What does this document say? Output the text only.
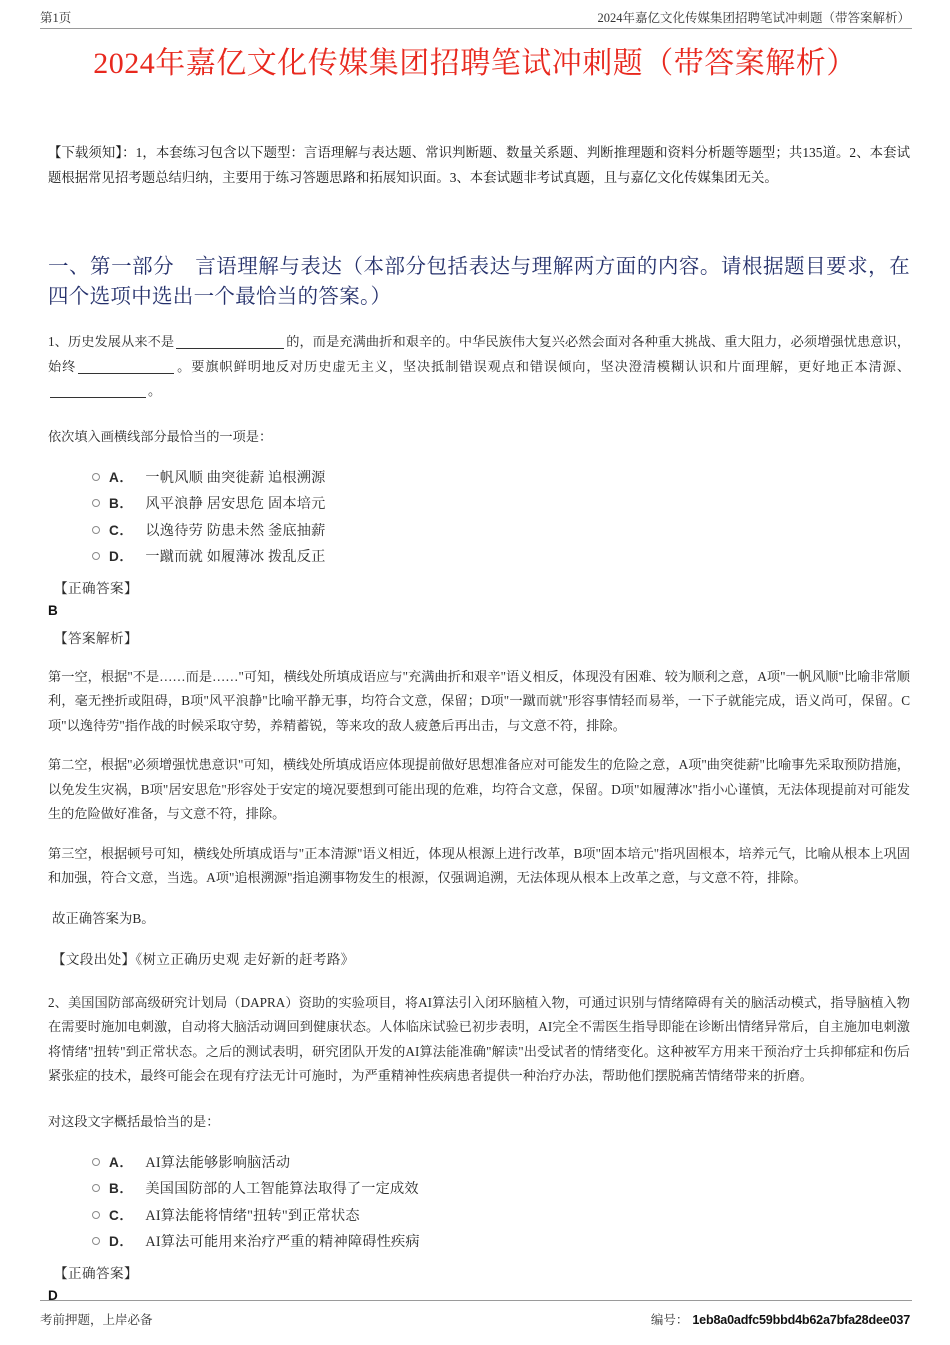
第1页	2024年嘉亿文化传媒集团招聘笔试冲刺题（带答案解析）
2024年嘉亿文化传媒集团招聘笔试冲刺题（带答案解析）

【下载须知】：1，本套练习包含以下题型：言语理解与表达题、常识判断题、数量关系题、判断推理题和资料分析题等题型；共135道。2、本套试题根据常见招考题总结归纳，主要用于练习答题思路和拓展知识面。3、本套试题非考试真题，且与嘉亿文化传媒集团无关。

一、第一部分　言语理解与表达（本部分包括表达与理解两方面的内容。请根据题目要求，在四个选项中选出一个最恰当的答案。）

1、历史发展从来不是	的，而是充满曲折和艰辛的。中华民族伟大复兴必然会面对各种重大挑战、重大阻力，必须增强忧患意识，始终	。要旗帜鲜明地反对历史虚无主义，坚决抵制错误观点和错误倾向，坚决澄清模糊认识和片面理解，更好地正本清源、。

依次填入画横线部分最恰当的一项是：

A． 一帆风顺 曲突徙薪 追根溯源
B． 风平浪静 居安思危 固本培元
C． 以逸待劳 防患未然 釜底抽薪
D． 一蹴而就 如履薄冰 拨乱反正

【正确答案】

B

【答案解析】

第一空，根据"不是……而是……"可知，横线处所填成语应与"充满曲折和艰辛"语义相反，体现没有困难、较为顺利之意，A项"一帆风顺"比喻非常顺利，毫无挫折或阻碍，B项"风平浪静"比喻平静无事，均符合文意，保留；D项"一蹴而就"形容事情轻而易举，一下子就能完成，语义尚可，保留。C项"以逸待劳"指作战的时候采取守势，养精蓄锐，等来攻的敌人疲惫后再出击，与文意不符，排除。

第二空，根据"必须增强忧患意识"可知，横线处所填成语应体现提前做好思想准备应对可能发生的危险之意，A项"曲突徙薪"比喻事先采取预防措施，以免发生灾祸，B项"居安思危"形容处于安定的境况要想到可能出现的危难，均符合文意，保留。D项"如履薄冰"指小心谨慎，无法体现提前对可能发生的危险做好准备，与文意不符，排除。

第三空，根据顿号可知，横线处所填成语与"正本清源"语义相近，体现从根源上进行改革，B项"固本培元"指巩固根本，培养元气，比喻从根本上巩固和加强，符合文意，当选。A项"追根溯源"指追溯事物发生的根源，仅强调追溯，无法体现从根本上改革之意，与文意不符，排除。

故正确答案为B。

【文段出处】《树立正确历史观 走好新的赶考路》

2、美国国防部高级研究计划局（DAPRA）资助的实验项目，将AI算法引入闭环脑植入物，可通过识别与情绪障碍有关的脑活动模式，指导脑植入物在需要时施加电刺激，自动将大脑活动调回到健康状态。人体临床试验已初步表明，AI完全不需医生指导即能在诊断出情绪异常后，自主施加电刺激将情绪"扭转"到正常状态。之后的测试表明，研究团队开发的AI算法能准确"解读"出受试者的情绪变化。这种被军方用来干预治疗士兵抑郁症和伤后紧张症的技术，最终可能会在现有疗法无计可施时，为严重精神性疾病患者提供一种治疗办法，帮助他们摆脱痛苦情绪带来的折磨。

对这段文字概括最恰当的是：

A． AI算法能够影响脑活动
B． 美国国防部的人工智能算法取得了一定成效
C． AI算法能将情绪"扭转"到正常状态
D． AI算法可能用来治疗严重的精神障碍性疾病

【正确答案】

D

考前押题，上岸必备	编号： 1eb8a0adfc59bbd4b62a7bfa28dee037
